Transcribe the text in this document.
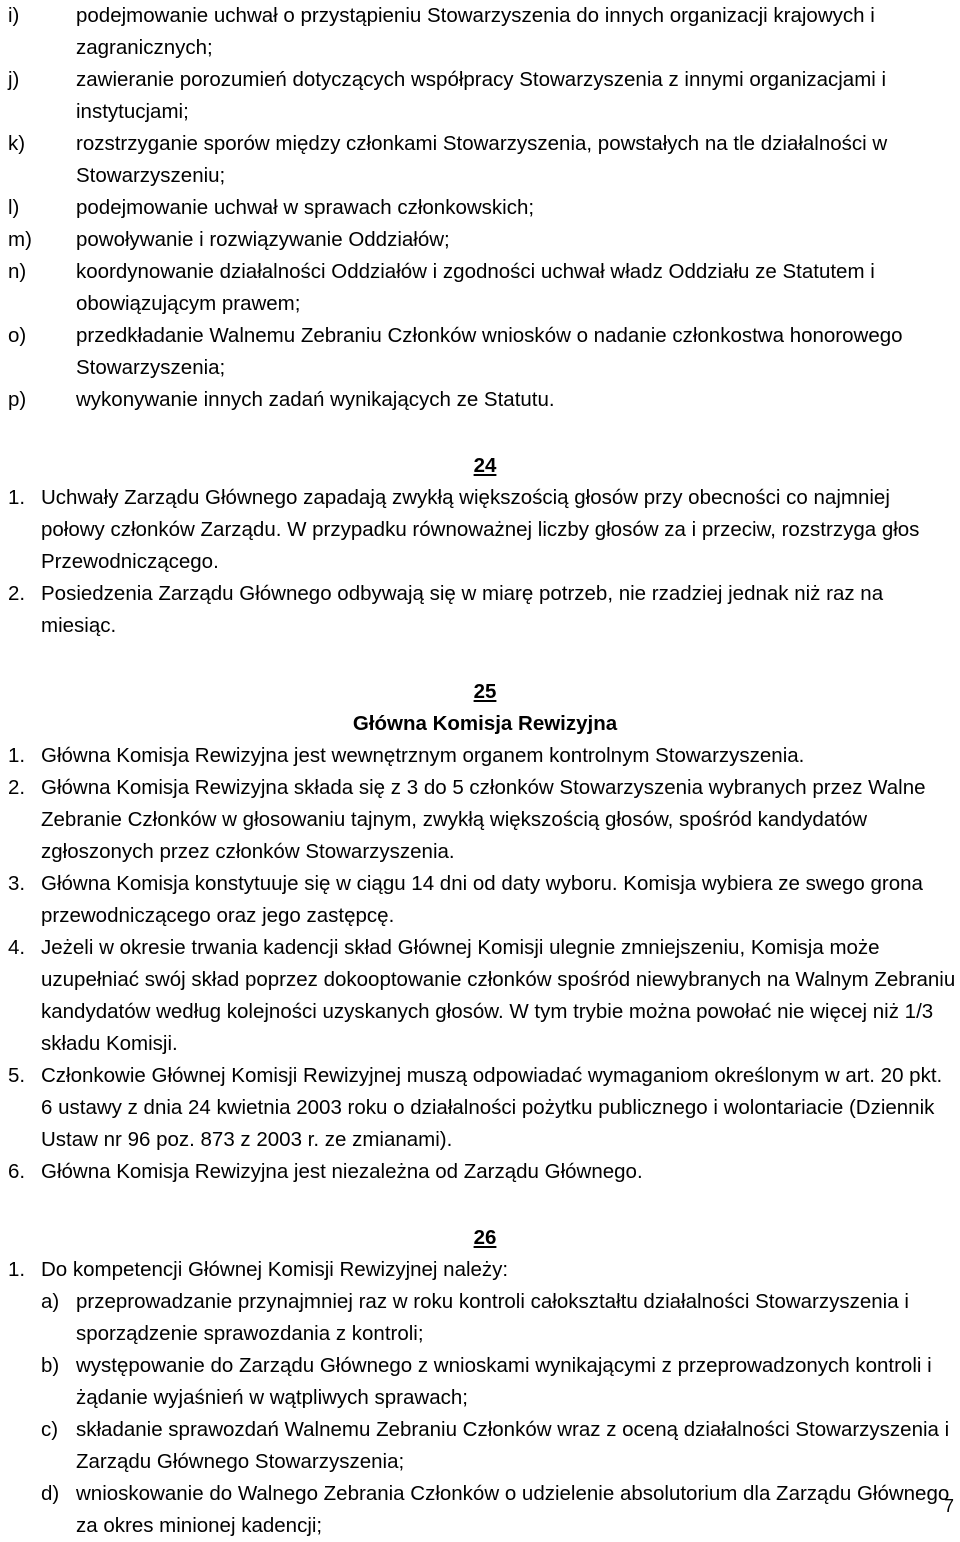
i)	podejmowanie uchwał o przystąpieniu Stowarzyszenia do innych organizacji krajowych i zagranicznych;

j)	zawieranie porozumień dotyczących współpracy Stowarzyszenia z innymi organizacjami i instytucjami;

k) rozstrzyganie sporów między członkami Stowarzyszenia, powstałych na tle działalności w Stowarzyszeniu;

l)	podejmowanie uchwał w sprawach członkowskich;

m) powoływanie i rozwiązywanie Oddziałów;

n) koordynowanie działalności Oddziałów i zgodności uchwał władz Oddziału ze Statutem i obowiązującym prawem;

o) przedkładanie Walnemu Zebraniu Członków wniosków o nadanie członkostwa honorowego Stowarzyszenia;

p) wykonywanie innych zadań wynikających ze Statutu.

24

1. Uchwały Zarządu Głównego zapadają zwykłą większością głosów przy obecności co najmniej połowy członków Zarządu. W przypadku równoważnej liczby głosów za i przeciw, rozstrzyga głos Przewodniczącego.

2. Posiedzenia Zarządu Głównego odbywają się w miarę potrzeb, nie rzadziej jednak niż raz na miesiąc.

25

Główna Komisja Rewizyjna

1. Główna Komisja Rewizyjna jest wewnętrznym organem kontrolnym Stowarzyszenia.

2. Główna Komisja Rewizyjna składa się z 3 do 5 członków Stowarzyszenia wybranych przez Walne Zebranie Członków w głosowaniu tajnym, zwykłą większością głosów, spośród kandydatów zgłoszonych przez członków Stowarzyszenia.

3. Główna Komisja konstytuuje się w ciągu 14 dni od daty wyboru. Komisja wybiera ze swego grona przewodniczącego oraz jego zastępcę.

4. Jeżeli w okresie trwania kadencji skład Głównej Komisji ulegnie zmniejszeniu, Komisja może uzupełniać swój skład poprzez dokooptowanie członków spośród niewybranych na Walnym Zebraniu kandydatów według kolejności uzyskanych głosów. W tym trybie można powołać nie więcej niż 1/3 składu Komisji.

5. Członkowie Głównej Komisji Rewizyjnej muszą odpowiadać wymaganiom określonym w art. 20 pkt. 6 ustawy z dnia 24 kwietnia 2003 roku o działalności pożytku publicznego i wolontariacie (Dziennik Ustaw nr 96 poz. 873 z 2003 r. ze zmianami).

6. Główna Komisja Rewizyjna jest niezależna od Zarządu Głównego.

26

1. Do kompetencji Głównej Komisji Rewizyjnej należy:

a) przeprowadzanie przynajmniej raz w roku kontroli całokształtu działalności Stowarzyszenia i sporządzenie sprawozdania z kontroli;

b) występowanie do Zarządu Głównego z wnioskami wynikającymi z przeprowadzonych kontroli i żądanie wyjaśnień w wątpliwych sprawach;

c) składanie sprawozdań Walnemu Zebraniu Członków wraz z oceną działalności Stowarzyszenia i Zarządu Głównego Stowarzyszenia;

d) wnioskowanie do Walnego Zebrania Członków o udzielenie absolutorium dla Zarządu Głównego za okres minionej kadencji;

7
